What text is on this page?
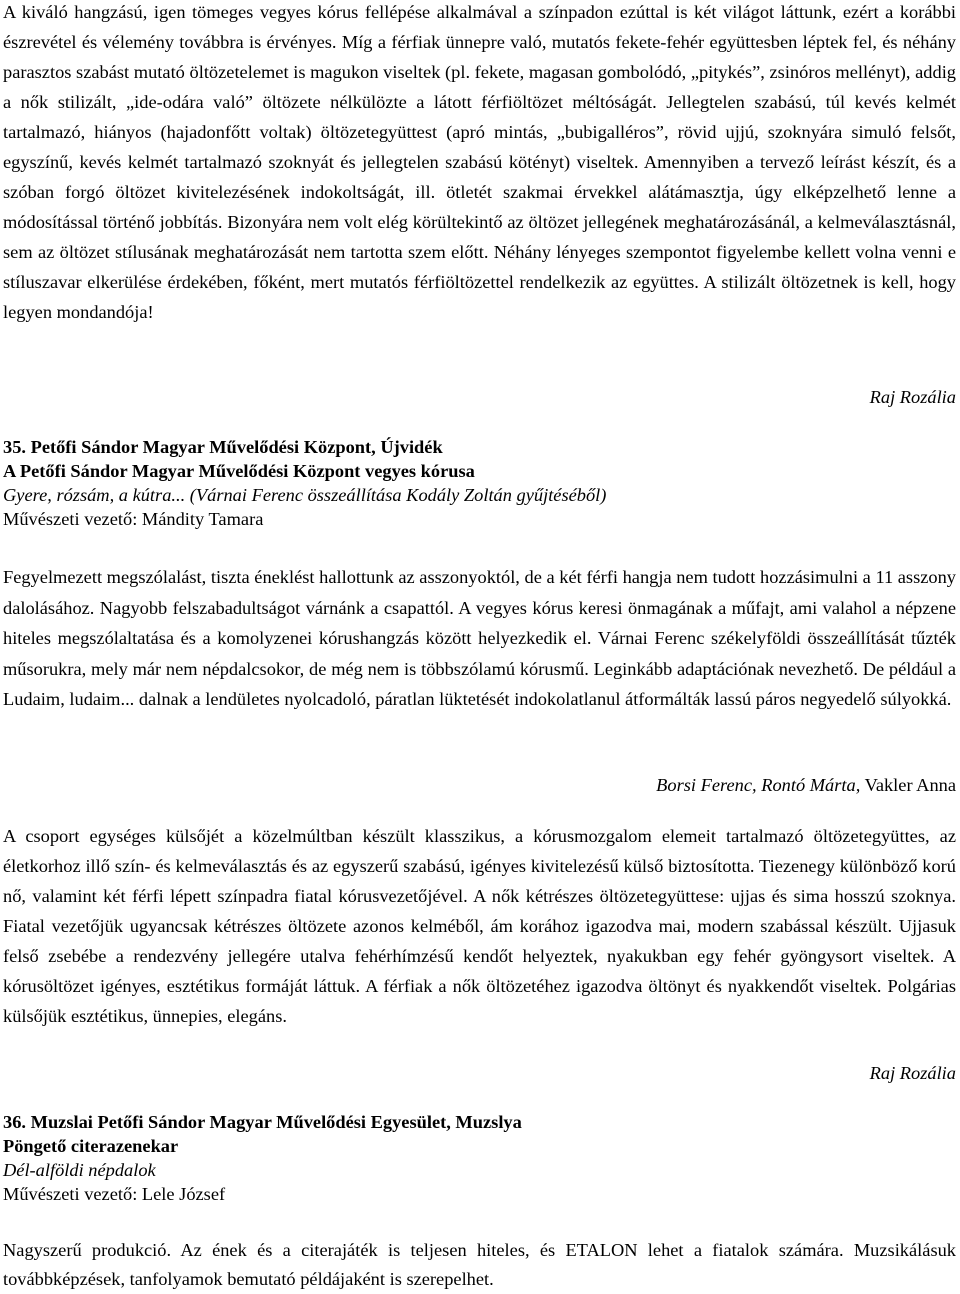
A kiváló hangzású, igen tömeges vegyes kórus fellépése alkalmával a színpadon ezúttal is két világot láttunk, ezért a korábbi észrevétel és vélemény továbbra is érvényes. Míg a férfiak ünnepre való, mutatós fekete-fehér együttesben léptek fel, és néhány parasztos szabást mutató öltözetelemet is magukon viseltek (pl. fekete, magasan gombolódó, „pitykés”, zsinóros mellényt), addig a nők stilizált, „ide-odára való” öltözete nélkülözte a látott férfiöltözet méltóságát. Jellegtelen szabású, túl kevés kelmét tartalmazó, hiányos (hajadonfőtt voltak) öltözetegyüttest (apró mintás, „bubigalléros”, rövid ujjú, szoknyára simuló felsőt, egyszínű, kevés kelmét tartalmazó szoknyát és jellegtelen szabású kötényt) viseltek. Amennyiben a tervező leírást készít, és a szóban forgó öltözet kivitelezésének indokoltságát, ill. ötletét szakmai érvekkel alátámasztja, úgy elképzelhető lenne a módosítással történő jobbítás. Bizonyára nem volt elég körültekintő az öltözet jellegének meghatározásánál, a kelmeválasztásnál, sem az öltözet stílusának meghatározását nem tartotta szem előtt. Néhány lényeges szempontot figyelembe kellett volna venni e stíluszavar elkerülése érdekében, főként, mert mutatós férfiöltözettel rendelkezik az együttes. A stilizált öltözetnek is kell, hogy legyen mondandója!

Raj Rozália

35. Petőfi Sándor Magyar Művelődési Központ, Újvidék
A Petőfi Sándor Magyar Művelődési Központ vegyes kórusa
Gyere, rózsám, a kútra... (Várnai Ferenc összeállítása Kodály Zoltán gyűjtéséből)
Művészeti vezető: Mándity Tamara

Fegyelmezett megszólalást, tiszta éneklést hallottunk az asszonyoktól, de a két férfi hangja nem tudott hozzásimulni a 11 asszony dalolásához. Nagyobb felszabadultságot várnánk a csapattól. A vegyes kórus keresi önmagának a műfajt, ami valahol a népzene hiteles megszólaltatása és a komolyzenei kórushangzás között helyezkedik el. Várnai Ferenc székelyföldi összeállítását tűzték műsorukra, mely már nem népdalcsokor, de még nem is többszólamú kórusmű. Leginkább adaptációnak nevezhető. De például a Ludaim, ludaim... dalnak a lendületes nyolcadoló, páratlan lüktetését indokolatlanul átformálták lassú páros negyedelő súlyokká.

Borsi Ferenc, Rontó Márta, Vakler Anna

A csoport egységes külsőjét a közelmúltban készült klasszikus, a kórusmozgalom elemeit tartalmazó öltözetegyüttes, az életkorhoz illő szín- és kelmeválasztás és az egyszerű szabású, igényes kivitelezésű külső biztosította. Tiezenegy különböző korú nő, valamint két férfi lépett színpadra fiatal kórusvezetőjével. A nők kétrészes öltözetegyüttese: ujjas és sima hosszú szoknya. Fiatal vezetőjük ugyancsak kétrészes öltözete azonos kelméből, ám korához igazodva mai, modern szabással készült. Ujjasuk felső zsebébe a rendezvény jellegére utalva fehérhímzésű kendőt helyeztek, nyakukban egy fehér gyöngysort viseltek. A kórusöltözet igényes, esztétikus formáját láttuk. A férfiak a nők öltözetéhez igazodva öltönyt és nyakkendőt viseltek. Polgárias külsőjük esztétikus, ünnepies, elegáns.

Raj Rozália

36. Muzslai Petőfi Sándor Magyar Művelődési Egyesület, Muzslya
Pöngető citerazenekar
Dél-alföldi népdalok
Művészeti vezető: Lele József

Nagyszerű produkció. Az ének és a citerajáték is teljesen hiteles, és ETALON lehet a fiatalok számára. Muzsikálásuk továbbképzések, tanfolyamok bemutató példájaként is szerepelhet.
